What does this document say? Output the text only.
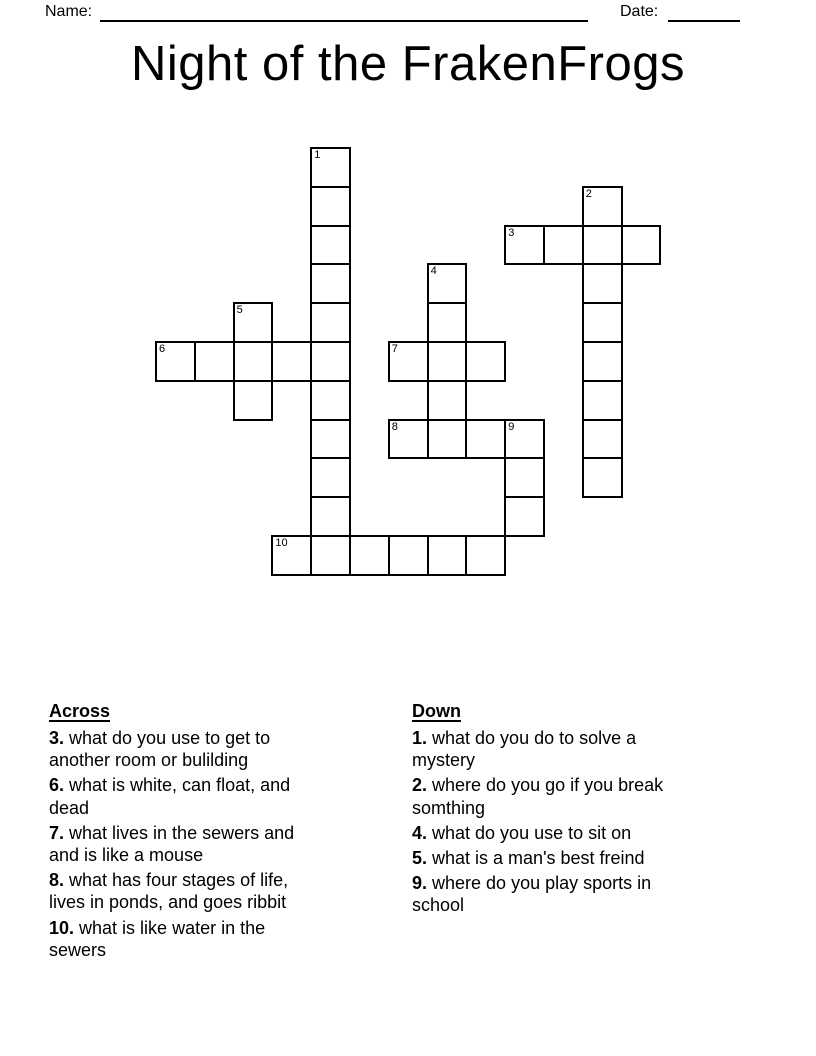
Name:	Date:
Night of the FrakenFrogs
1
2
3
4
5
6	7
8	9
10
Across

3. what do you use to get to another room or bulilding

6. what is white, can float, and dead

7. what lives in the sewers and and is like a mouse

8. what has four stages of life, lives in ponds, and goes ribbit

10. what is like water in the sewers

Down

1. what do you do to solve a mystery

2. where do you go if you break somthing

4. what do you use to sit on

5. what is a man's best freind

9. where do you play sports in school
